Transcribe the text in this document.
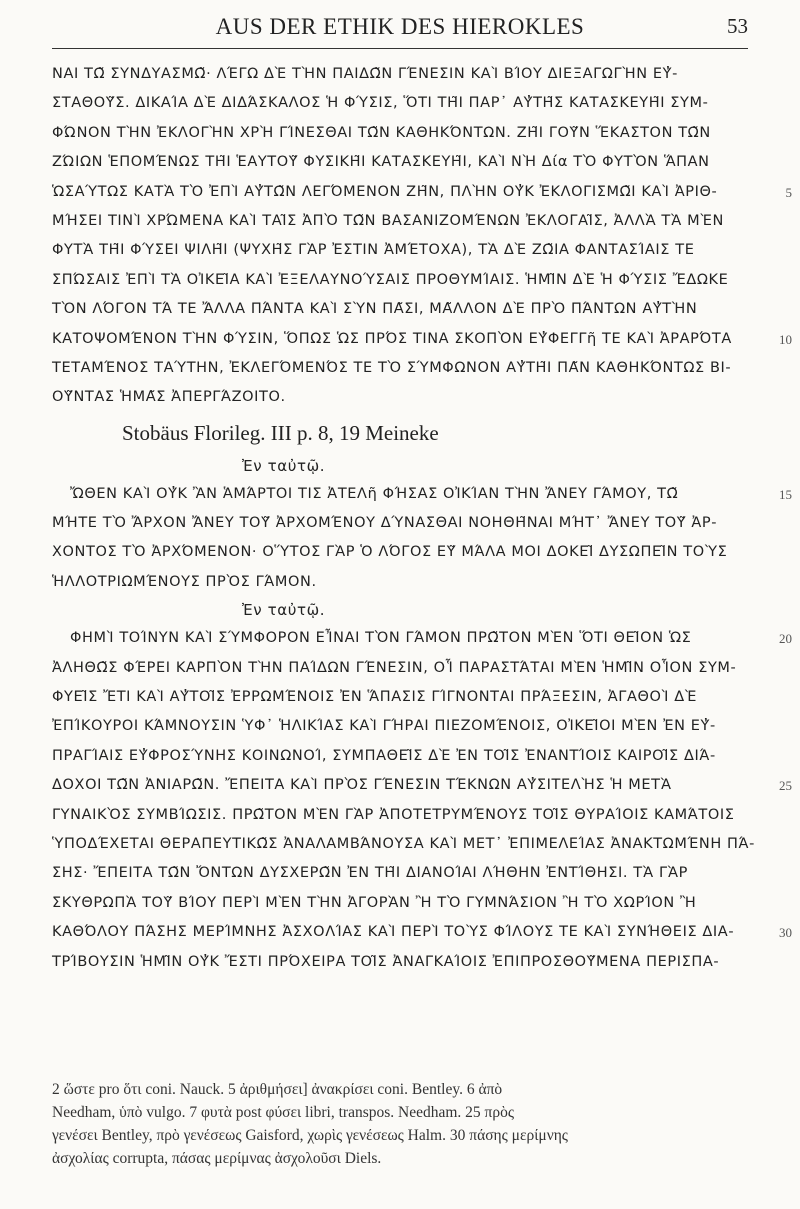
AUS DER ETHIK DES HIEROKLES	53
ΝΑΙ ΤΩ͂ ΣΥΝΔΥΑΣΜΩ͂· ΛΈΓΩ ΔῈ ΤῊΝ ΠΑΙΔΩ͂Ν ΓΈΝΕΣΙΝ ΚΑῚ ΒΊΟΥ ΔΙΕΞΑΓΩΓῊΝ ΕΥ̓-
ΣΤΑΘΟΥ͂Σ. ΔΙΚΑΊΑ ΔῈ ΔΙΔΆΣΚΑΛΟΣ Ἡ ΦΎΣΙΣ, ὍΤΙ ΤΗ͂Ι ΠΑΡ᾽ ΑΥ̓ΤΗ͂Σ ΚΑΤΑΣΚΕΥΗ͂Ι ΣΥΜ-
ΦΏΝΟΝ ΤῊΝ ἘΚΛΟΓῊΝ ΧΡῊ ΓΊΝΕΣΘΑΙ ΤΩ͂Ν ΚΑΘΗΚΌΝΤΩΝ. ΖΗ͂Ι ΓΟΥ͂Ν ἝΚΑΣΤΟΝ ΤΩ͂Ν
ΖΏΙΩΝ ἙΠΟΜΈΝΩΣ ΤΗ͂Ι ἙΑΥΤΟΥ͂ ΦΥΣΙΚΗ͂Ι ΚΑΤΑΣΚΕΥΗ͂Ι, ΚΑῚ ΝῊ Δία ΤῸ ΦΥΤῸΝ ἍΠΑΝ
ὩΣΑΎΤΩΣ ΚΑΤᾺ ΤῸ ἘΠῚ ΑΥ̓ΤΩ͂Ν ΛΕΓΌΜΕΝΟΝ ΖΗ͂Ν, ΠΛῊΝ ΟΥ̓Κ ἘΚΛΟΓΙΣΜΩ͂Ι ΚΑῚ ἈΡΙΘ-	5
ΜΉΣΕΙ ΤΙΝῚ ΧΡΏΜΕΝΑ ΚΑῚ ΤΑΙ͂Σ ἈΠῸ ΤΩ͂Ν ΒΑΣΑΝΙΖΟΜΈΝΩΝ ἘΚΛΟΓΑΙ͂Σ, ἈΛΛᾺ ΤᾺ ΜῈΝ
ΦΥΤᾺ ΤΗ͂Ι ΦΎΣΕΙ ΨΙΛΗ͂Ι (ΨΥΧΗ͂Σ ΓᾺΡ ἘΣΤΙΝ ἈΜΈΤΟΧΑ), ΤᾺ ΔῈ ΖΩ͂ΙΑ ΦΑΝΤΑΣΊΑΙΣ ΤΕ
ΣΠΏΣΑΙΣ ἘΠῚ ΤᾺ ΟἸΚΕΙ͂Α ΚΑῚ ἘΞΕΛΑΥΝΟΎΣΑΙΣ ΠΡΟΘΥΜΊΑΙΣ. ἩΜΙ͂Ν ΔῈ Ἡ ΦΎΣΙΣ ἜΔΩΚΕ
ΤῸΝ ΛΌΓΟΝ ΤΆ ΤΕ ἌΛΛΑ ΠΆΝΤΑ ΚΑῚ ΣῪΝ ΠΑ͂ΣΙ, ΜΑ͂ΛΛΟΝ ΔῈ ΠΡῸ ΠΆΝΤΩΝ ΑΥ̓ΤῊΝ
ΚΑΤΟΨΟΜΈΝΟΝ ΤῊΝ ΦΎΣΙΝ, ὍΠΩΣ ὩΣ ΠΡΌΣ ΤΙΝΑ ΣΚΟΠῸΝ ΕΥ̓ΦΕΓΓῆ ΤΕ ΚΑῚ ἈΡΑΡΌΤΑ	10
ΤΕΤΑΜΈΝΟΣ ΤΑΎΤΗΝ, ἘΚΛΕΓΌΜΕΝΌΣ ΤΕ ΤῸ ΣΎΜΦΩΝΟΝ ΑΥ̓ΤΗ͂Ι ΠΑ͂Ν ΚΑΘΗΚΌΝΤΩΣ ΒΙ-
ΟΥ͂ΝΤΑΣ ἩΜΑ͂Σ ἈΠΕΡΓΆΖΟΙΤΟ.
Stobäus Florileg. III p. 8, 19 Meineke
Ἐν ταὐτῷ.
ὬΘΕΝ ΚΑῚ ΟΥ̓Κ ἊΝ ἉΜΆΡΤΟΙ ΤΙΣ ἈΤΕΛῆ ΦΉΣΑΣ ΟἸΚΊΑΝ ΤῊΝ ἌΝΕΥ ΓΆΜΟΥ, ΤΩ͂	15
ΜΉΤΕ ΤῸ ἌΡΧΟΝ ἌΝΕΥ ΤΟΥ͂ ἈΡΧΟΜΈΝΟΥ ΔΎΝΑΣΘΑΙ ΝΟΗΘΗ͂ΝΑΙ ΜΉΤ᾽ ἌΝΕΥ ΤΟΥ͂ ἈΡ-
ΧΟΝΤΟΣ ΤῸ ἈΡΧΌΜΕΝΟΝ· ΟὝΤΟΣ ΓᾺΡ Ὁ ΛΌΓΟΣ ΕΥ͂ ΜΆΛΑ ΜΟΙ ΔΟΚΕΙ͂ ΔΥΣΩΠΕΙ͂Ν ΤΟῪΣ
ἩΛΛΟΤΡΙΩΜΈΝΟΥΣ ΠΡῸΣ ΓΆΜΟΝ.
Ἐν ταὐτῷ.
ΦΗΜῚ ΤΟΊΝΥΝ ΚΑῚ ΣΎΜΦΟΡΟΝ ΕἾΝΑΙ ΤῸΝ ΓΆΜΟΝ ΠΡΩ͂ΤΟΝ ΜῈΝ ὍΤΙ ΘΕΙ͂ΟΝ ὩΣ	20
ἈΛΗΘΩ͂Σ ΦΈΡΕΙ ΚΑΡΠῸΝ ΤῊΝ ΠΑΊΔΩΝ ΓΈΝΕΣΙΝ, ΟἿ ΠΑΡΑΣΤΆΤΑΙ ΜῈΝ ἩΜΙ͂Ν ΟἿΟΝ ΣΥΜ-
ΦΥΕΙ͂Σ ἜΤΙ ΚΑῚ ΑΥ̓ΤΟΙ͂Σ ἘΡΡΩΜΈΝΟΙΣ ἘΝ ἍΠΑΣΙΣ ΓΊΓΝΟΝΤΑΙ ΠΡΆΞΕΣΙΝ, ἈΓΑΘΟῚ ΔῈ
ἘΠΊΚΟΥΡΟΙ ΚΆΜΝΟΥΣΙΝ ὙΦ᾽ ἩΛΙΚΊΑΣ ΚΑῚ ΓΉΡΑΙ ΠΙΕΖΟΜΈΝΟΙΣ, ΟἸΚΕΙ͂ΟΙ ΜῈΝ ἘΝ ΕΥ̓-
ΠΡΑΓΊΑΙΣ ΕΥ̓ΦΡΟΣΎΝΗΣ ΚΟΙΝΩΝΟΊ, ΣΥΜΠΑΘΕΙ͂Σ ΔῈ ἘΝ ΤΟΙ͂Σ ἘΝΑΝΤΊΟΙΣ ΚΑΙΡΟΙ͂Σ ΔΙΆ-
ΔΟΧΟΙ ΤΩ͂Ν ἈΝΙΑΡΩ͂Ν. ἜΠΕΙΤΑ ΚΑῚ ΠΡῸΣ ΓΈΝΕΣΙΝ ΤΈΚΝΩΝ ΑΥ̓ΣΙΤΕΛῊΣ Ἡ ΜΕΤᾺ	25
ΓΥΝΑΙΚῸΣ ΣΥΜΒΊΩΣΙΣ. ΠΡΩ͂ΤΟΝ ΜῈΝ ΓᾺΡ ἈΠΟΤΕΤΡΥΜΈΝΟΥΣ ΤΟΙ͂Σ ΘΥΡΑΊΟΙΣ ΚΑΜΆΤΟΙΣ
ὙΠΟΔΈΧΕΤΑΙ ΘΕΡΑΠΕΥΤΙΚΩ͂Σ ἈΝΑΛΑΜΒΆΝΟΥΣΑ ΚΑῚ ΜΕΤ᾽ ἘΠΙΜΕΛΕΊΑΣ ἈΝΑΚΤΩΜΈΝΗ ΠΆ-
ΣΗΣ· ἜΠΕΙΤΑ ΤΩ͂Ν ὌΝΤΩΝ ΔΥΣΧΕΡΩ͂Ν ἘΝ ΤΗ͂Ι ΔΙΑΝΟΊΑΙ ΛΉΘΗΝ ἘΝΤΊΘΗΣΙ. ΤᾺ ΓᾺΡ
ΣΚΥΘΡΩΠᾺ ΤΟΥ͂ ΒΊΟΥ ΠΕΡῚ ΜῈΝ ΤῊΝ ἈΓΟΡᾺΝ Ἢ ΤῸ ΓΥΜΝΆΣΙΟΝ Ἢ ΤῸ ΧΩΡΊΟΝ Ἢ
ΚΑΘΌΛΟΥ ΠΆΣΗΣ ΜΕΡΊΜΝΗΣ ἈΣΧΟΛΊΑΣ ΚΑῚ ΠΕΡῚ ΤΟῪΣ ΦΊΛΟΥΣ ΤΕ ΚΑῚ ΣΥΝΉΘΕΙΣ ΔΙΑ-	30
ΤΡΊΒΟΥΣΙΝ ἩΜΙ͂Ν ΟΥ̓Κ ἜΣΤΙ ΠΡΌΧΕΙΡΑ ΤΟΙ͂Σ ἈΝΑΓΚΑΊΟΙΣ ἘΠΙΠΡΟΣΘΟΥ͂ΜΕΝΑ ΠΕΡΙΣΠΑ-
2 ὥστε pro ὅτι coni. Nauck. 5 ἀριθμήσει] ἀνακρίσει coni. Bentley. 6 ἀπὸ
Needham, ὑπὸ vulgo. 7 φυτὰ post φύσει libri, transpos. Needham. 25 πρὸς
γενέσει Bentley, πρὸ γενέσεως Gaisford, χωρὶς γενέσεως Halm. 30 πάσης μερίμνης
ἀσχολίας corrupta, πάσας μερίμνας ἀσχολοῦσι Diels.
